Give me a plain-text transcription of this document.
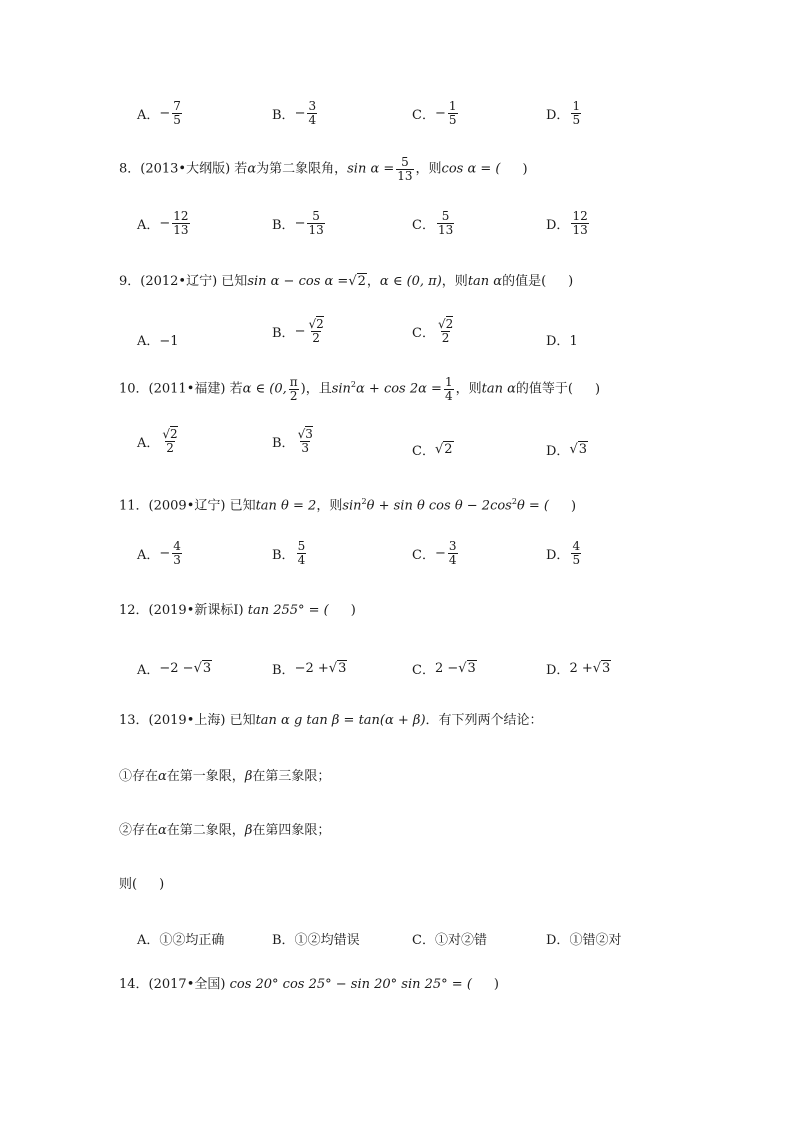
A．− $\frac{7}{5}$	B．− $\frac{3}{4}$	C．− $\frac{1}{5}$	D． $\frac{1}{5}$
8．(2013•大纲版) 若α为第二象限角，$\sin \alpha = \frac{5}{13}$ ，则cos α = ( )
A．− $\frac{12}{13}$	B．− $\frac{5}{13}$	C． $\frac{5}{13}$	D． $\frac{12}{13}$
9．(2012•辽宁) 已知sin α − cos α =√2，α ∈ (0, π)，则tan α的值是( )
A．−1
B．− $\frac{√2}{2}$	C． $\frac{√2}{2}$	D．1
10．(2011•福建) 若α ∈ (0, $\frac{\pi}{2}$ )，且$\sin^2\alpha + \cos 2\alpha = \frac{1}{4}$ ，则tan α的值等于( )
A． $\frac{√2}{2}$	B． $\frac{√3}{3}$	C．√2	D．√3
11．(2009•辽宁) 已知tan θ = 2，则$\sin^2\theta + \sin \theta$ $\cos \theta - 2\cos^2\theta$ = ( )
A．− $\frac{4}{3}$	B． $\frac{5}{4}$	C．− $\frac{3}{4}$	D． $\frac{4}{5}$
12．(2019•新课标Ⅰ) tan 255° = ( )
A．−2 −√3	B．−2 +√3	C．2 −√3	D．2 +√3
13．(2019•上海) 已知tan α g tan β = tan(α + β)．有下列两个结论：
①存在α在第一象限，β在第三象限；
②存在α在第二象限，β在第四象限；
则( )
A．①②均正确	B．①②均错误	C．①对②错	D．①错②对
14．(2017•全国) cos 20° cos 25° − sin 20° sin 25° = ( )
